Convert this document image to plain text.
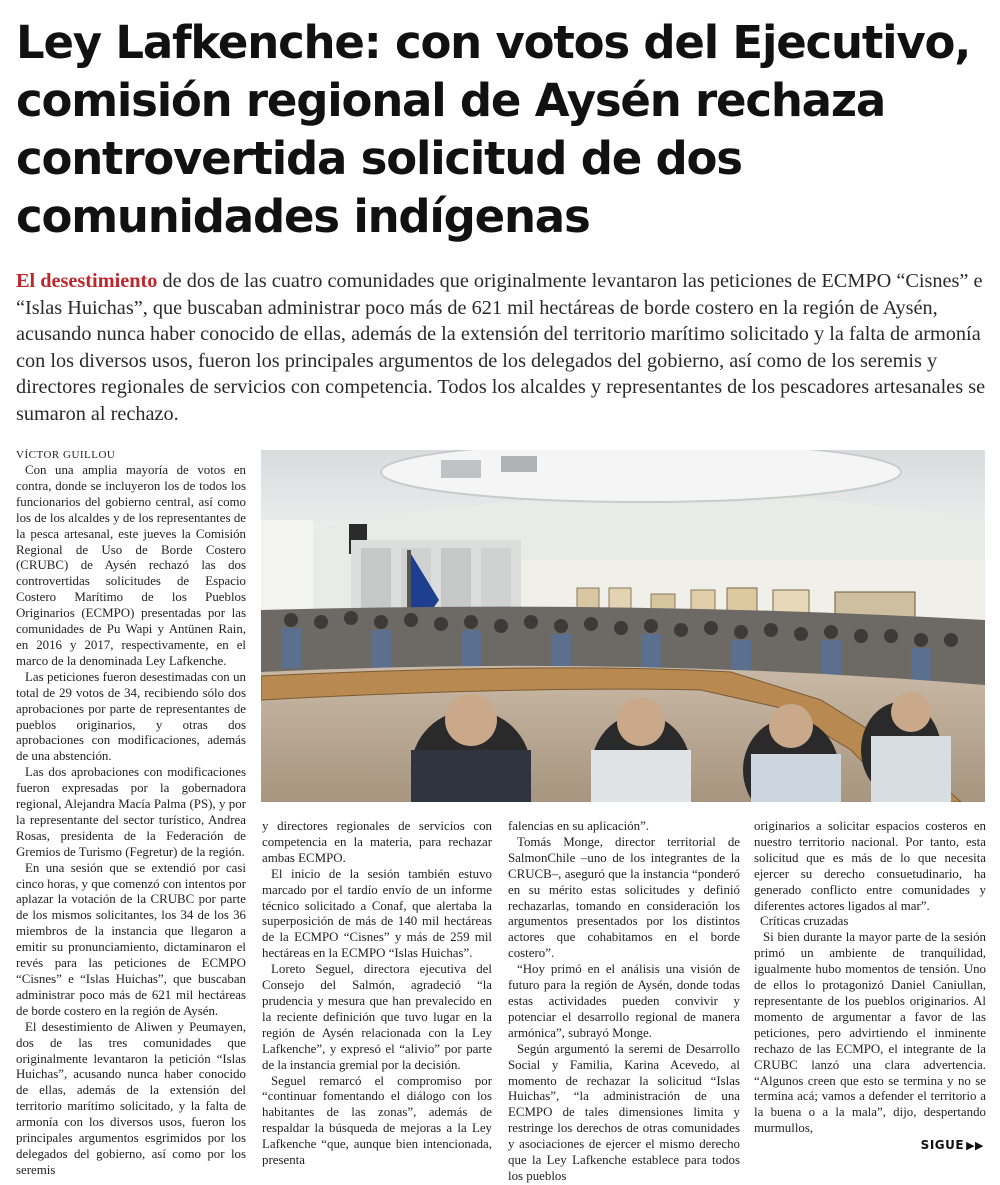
Ley Lafkenche: con votos del Ejecutivo,
comisión regional de Aysén rechaza
controvertida solicitud de dos
comunidades indígenas

El desestimiento de dos de las cuatro comunidades que originalmente levantaron las peticiones de ECMPO “Cisnes” e “Islas Huichas”, que buscaban administrar poco más de 621 mil hectáreas de borde costero en la región de Aysén, acusando nunca haber conocido de ellas, además de la extensión del territorio marítimo solicitado y la falta de armonía con los diversos usos, fueron los principales argumentos de los delegados del gobierno, así como de los seremis y directores regionales de servicios con competencia. Todos los alcaldes y representantes de los pescadores artesanales se sumaron al rechazo.

VÍCTOR GUILLOU

Con una amplia mayoría de votos en contra, donde se incluyeron los de todos los funcionarios del gobierno central, así como los de los alcaldes y de los representantes de la pesca artesanal, este jueves la Comisión Regional de Uso de Borde Costero (CRUBC) de Aysén rechazó las dos controvertidas solicitudes de Espacio Costero Marítimo de los Pueblos Originarios (ECMPO) presentadas por las comunidades de Pu Wapi y Antünen Rain, en 2016 y 2017, respectivamente, en el marco de la denominada Ley Lafkenche.

Las peticiones fueron desestimadas con un total de 29 votos de 34, recibiendo sólo dos aprobaciones por parte de representantes de pueblos originarios, y otras dos aprobaciones con modificaciones, además de una abstención.

Las dos aprobaciones con modificaciones fueron expresadas por la gobernadora regional, Alejandra Macía Palma (PS), y por la representante del sector turístico, Andrea Rosas, presidenta de la Federación de Gremios de Turismo (Fegretur) de la región.

En una sesión que se extendió por casi cinco horas, y que comenzó con intentos por aplazar la votación de la CRUBC por parte de los mismos solicitantes, los 34 de los 36 miembros de la instancia que llegaron a emitir su pronunciamiento, dictaminaron el revés para las peticiones de ECMPO “Cisnes” e “Islas Huichas”, que buscaban administrar poco más de 621 mil hectáreas de borde costero en la región de Aysén.

El desestimiento de Aliwen y Peumayen, dos de las tres comunidades que originalmente levantaron la petición “Islas Huichas”, acusando nunca haber conocido de ellas, además de la extensión del territorio marítimo solicitado, y la falta de armonía con los diversos usos, fueron los principales argumentos esgrimidos por los delegados del gobierno, así como por los seremis

y directores regionales de servicios con competencia en la materia, para rechazar ambas ECMPO.

El inicio de la sesión también estuvo marcado por el tardío envío de un informe técnico solicitado a Conaf, que alertaba la superposición de más de 140 mil hectáreas de la ECMPO “Cisnes” y más de 259 mil hectáreas en la ECMPO “Islas Huichas”.

Loreto Seguel, directora ejecutiva del Consejo del Salmón, agradeció “la prudencia y mesura que han prevalecido en la reciente definición que tuvo lugar en la región de Aysén relacionada con la Ley Lafkenche”, y expresó el “alivio” por parte de la instancia gremial por la decisión.

Seguel remarcó el compromiso por “continuar fomentando el diálogo con los habitantes de las zonas”, además de respaldar la búsqueda de mejoras a la Ley Lafkenche “que, aunque bien intencionada, presenta

falencias en su aplicación”.

Tomás Monge, director territorial de SalmonChile –uno de los integrantes de la CRUCB–, aseguró que la instancia “ponderó en su mérito estas solicitudes y definió rechazarlas, tomando en consideración los argumentos presentados por los distintos actores que cohabitamos en el borde costero”.

“Hoy primó en el análisis una visión de futuro para la región de Aysén, donde todas estas actividades pueden convivir y potenciar el desarrollo regional de manera armónica”, subrayó Monge.

Según argumentó la seremi de Desarrollo Social y Familia, Karina Acevedo, al momento de rechazar la solicitud “Islas Huichas”, “la administración de una ECMPO de tales dimensiones limita y restringe los derechos de otras comunidades y asociaciones de ejercer el mismo derecho que la Ley Lafkenche establece para todos los pueblos

originarios a solicitar espacios costeros en nuestro territorio nacional. Por tanto, esta solicitud que es más de lo que necesita ejercer su derecho consuetudinario, ha generado conflicto entre comunidades y diferentes actores ligados al mar”.

Críticas cruzadas

Si bien durante la mayor parte de la sesión primó un ambiente de tranquilidad, igualmente hubo momentos de tensión. Uno de ellos lo protagonizó Daniel Caniullan, representante de los pueblos originarios. Al momento de argumentar a favor de las peticiones, pero advirtiendo el inminente rechazo de las ECMPO, el integrante de la CRUBC lanzó una clara advertencia. “Algunos creen que esto se termina y no se termina acá; vamos a defender el territorio a la buena o a la mala”, dijo, despertando murmullos,

SIGUE ▶▶
